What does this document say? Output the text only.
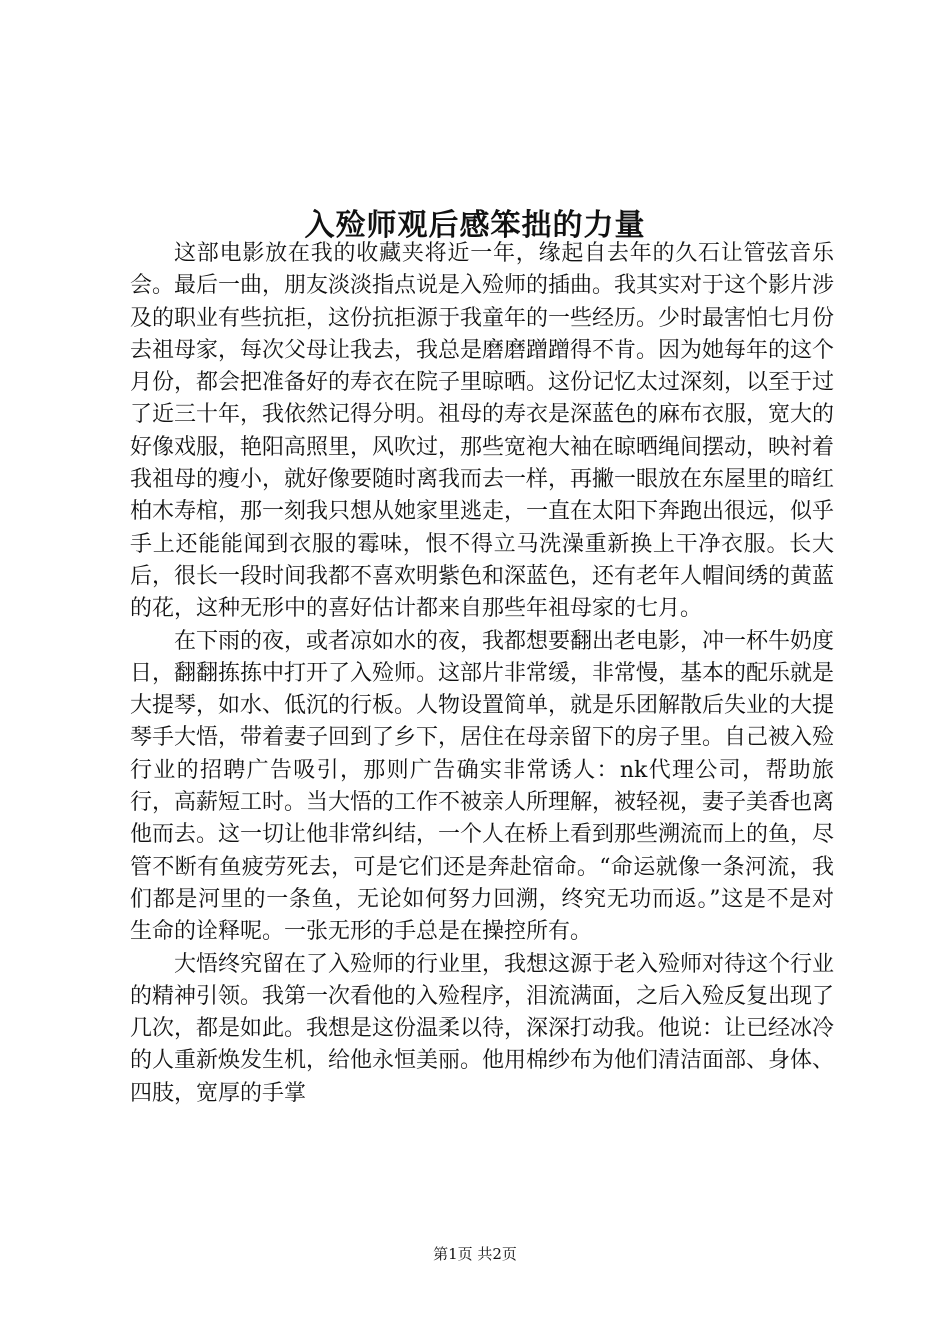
入殓师观后感笨拙的力量

这部电影放在我的收藏夹将近一年，缘起自去年的久石让管弦音乐会。最后一曲，朋友淡淡指点说是入殓师的插曲。我其实对于这个影片涉及的职业有些抗拒，这份抗拒源于我童年的一些经历。少时最害怕七月份去祖母家，每次父母让我去，我总是磨磨蹭蹭得不肯。因为她每年的这个月份，都会把准备好的寿衣在院子里晾晒。这份记忆太过深刻，以至于过了近三十年，我依然记得分明。祖母的寿衣是深蓝色的麻布衣服，宽大的好像戏服，艳阳高照里，风吹过，那些宽袍大袖在晾晒绳间摆动，映衬着我祖母的瘦小，就好像要随时离我而去一样，再撇一眼放在东屋里的暗红柏木寿棺，那一刻我只想从她家里逃走，一直在太阳下奔跑出很远，似乎手上还能能闻到衣服的霉味，恨不得立马洗澡重新换上干净衣服。长大后，很长一段时间我都不喜欢明紫色和深蓝色，还有老年人帽间绣的黄蓝的花，这种无形中的喜好估计都来自那些年祖母家的七月。

在下雨的夜，或者凉如水的夜，我都想要翻出老电影，冲一杯牛奶度日，翻翻拣拣中打开了入殓师。这部片非常缓，非常慢，基本的配乐就是大提琴，如水、低沉的行板。人物设置简单，就是乐团解散后失业的大提琴手大悟，带着妻子回到了乡下，居住在母亲留下的房子里。自己被入殓行业的招聘广告吸引，那则广告确实非常诱人：nk代理公司，帮助旅行，高薪短工时。当大悟的工作不被亲人所理解，被轻视，妻子美香也离他而去。这一切让他非常纠结，一个人在桥上看到那些溯流而上的鱼，尽管不断有鱼疲劳死去，可是它们还是奔赴宿命。“命运就像一条河流，我们都是河里的一条鱼，无论如何努力回溯，终究无功而返。”这是不是对生命的诠释呢。一张无形的手总是在操控所有。

大悟终究留在了入殓师的行业里，我想这源于老入殓师对待这个行业的精神引领。我第一次看他的入殓程序，泪流满面，之后入殓反复出现了几次，都是如此。我想是这份温柔以待，深深打动我。他说：让已经冰冷的人重新焕发生机，给他永恒美丽。他用棉纱布为他们清洁面部、身体、四肢，宽厚的手掌

第1页 共2页
